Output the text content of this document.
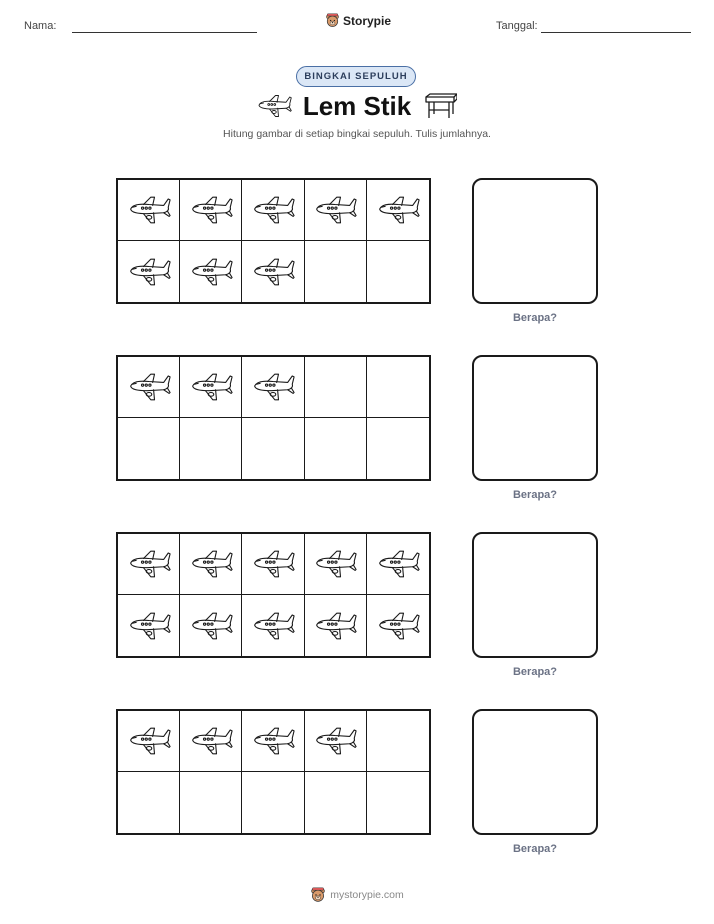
Nama:	Storypie	Tanggal:
BINGKAI SEPULUH
Lem Stik
Hitung gambar di setiap bingkai sepuluh. Tulis jumlahnya.
Berapa?
Berapa?
Berapa?
Berapa?
mystorypie.com
